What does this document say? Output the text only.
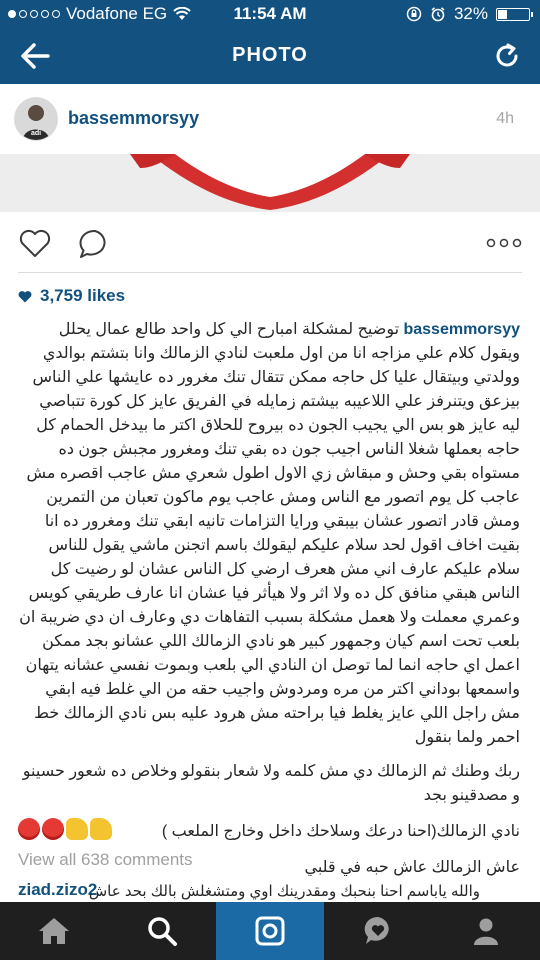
Vodafone EG	11:54 AM	32%
PHOTO
adi
bassemmorsyy	4h
3,759 likes

bassemmorsyy توضيح لمشكلة امبارح الي كل واحد طالع عمال يحلل ويقول كلام علي مزاجه انا من اول ملعبت لنادي الزمالك وانا بتشتم بوالدي وولدتي وبيتقال عليا كل حاجه ممكن تتقال تنك مغرور ده عايشها علي الناس بيزعق ويتنرفز علي اللاعيبه بيشتم زمايله في الفريق عايز كل كورة تتباصي ليه عايز هو بس الي يجيب الجون ده بيروح للحلاق اكتر ما بيدخل الحمام كل حاجه بعملها شغلا الناس اجيب جون ده بقي تنك ومغرور مجبش جون ده مستواه بقي وحش و مبقاش زي الاول اطول شعري مش عاجب اقصره مش عاجب كل يوم اتصور مع الناس ومش عاجب يوم ماكون تعبان من التمرين ومش قادر اتصور عشان بيبقي ورايا التزامات تانيه ابقي تنك ومغرور ده انا بقيت اخاف اقول لحد سلام عليكم ليقولك باسم اتجنن ماشي يقول للناس سلام عليكم عارف اني مش هعرف ارضي كل الناس عشان لو رضيت كل الناس هبقي منافق كل ده ولا اثر ولا هيأثر فيا عشان انا عارف طريقي كويس وعمري معملت ولا هعمل مشكلة بسبب التفاهات دي وعارف ان دي ضريبة ان بلعب تحت اسم كيان وجمهور كبير هو نادي الزمالك اللي عشانو بجد ممكن اعمل اي حاجه انما لما توصل ان النادي الي بلعب وبموت نفسي عشانه يتهان واسمعها بوداني اكتر من مره ومردوش واجيب حقه من الي غلط فيه ابقي مش راجل اللي عايز يغلط فيا براحته مش هرود عليه بس نادي الزمالك خط احمر ولما بنقول

ربك وطنك ثم الزمالك دي مش كلمه ولا شعار بنقولو وخلاص ده شعور حسينو و مصدقينو بجد

نادي الزمالك(احنا درعك وسلاحك داخل وخارج الملعب )

عاش الزمالك عاش حبه في قلبي

View all 638 comments
ziad.zizo2
والله ياباسم احنا بنحبك ومقدرينك اوي ومتشغلش بالك بحد عاش
